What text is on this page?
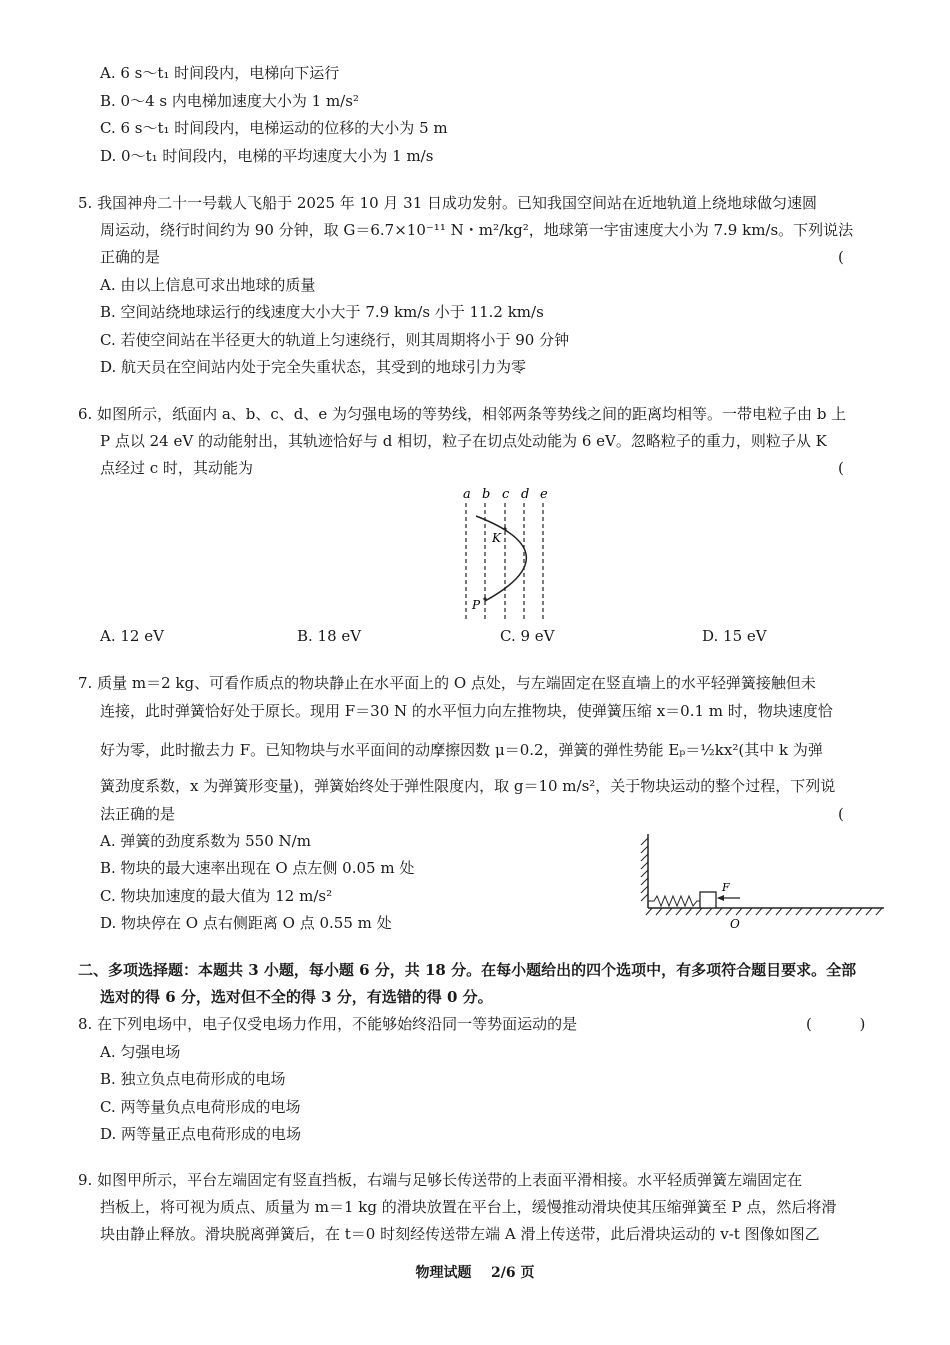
A. 6 s～t₁ 时间段内，电梯向下运行
B. 0～4 s 内电梯加速度大小为 1 m/s²
C. 6 s～t₁ 时间段内，电梯运动的位移的大小为 5 m
D. 0～t₁ 时间段内，电梯的平均速度大小为 1 m/s
5. 我国神舟二十一号载人飞船于 2025 年 10 月 31 日成功发射。已知我国空间站在近地轨道上绕地球做匀速圆
周运动，绕行时间约为 90 分钟，取 G＝6.7×10⁻¹¹ N・m²/kg²，地球第一宇宙速度大小为 7.9 km/s。下列说法
正确的是	(
A. 由以上信息可求出地球的质量
B. 空间站绕地球运行的线速度大小大于 7.9 km/s 小于 11.2 km/s
C. 若使空间站在半径更大的轨道上匀速绕行，则其周期将小于 90 分钟
D. 航天员在空间站内处于完全失重状态，其受到的地球引力为零
6. 如图所示，纸面内 a、b、c、d、e 为匀强电场的等势线，相邻两条等势线之间的距离均相等。一带电粒子由 b 上
P 点以 24 eV 的动能射出，其轨迹恰好与 d 相切，粒子在切点处动能为 6 eV。忽略粒子的重力，则粒子从 K
点经过 c 时，其动能为	(
a b c d e
K
P
A. 12 eV	B. 18 eV	C. 9 eV	D. 15 eV
7. 质量 m＝2 kg、可看作质点的物块静止在水平面上的 O 点处，与左端固定在竖直墙上的水平轻弹簧接触但未
连接，此时弹簧恰好处于原长。现用 F＝30 N 的水平恒力向左推物块，使弹簧压缩 x＝0.1 m 时，物块速度恰
好为零，此时撤去力 F。已知物块与水平面间的动摩擦因数 μ＝0.2，弹簧的弹性势能 Eₚ＝½kx²(其中 k 为弹
簧劲度系数，x 为弹簧形变量)，弹簧始终处于弹性限度内，取 g＝10 m/s²，关于物块运动的整个过程，下列说
法正确的是	(
A. 弹簧的劲度系数为 550 N/m
B. 物块的最大速率出现在 O 点左侧 0.05 m 处
C. 物块加速度的最大值为 12 m/s²
D. 物块停在 O 点右侧距离 O 点 0.55 m 处
F
O
二、多项选择题：本题共 3 小题，每小题 6 分，共 18 分。在每小题给出的四个选项中，有多项符合题目要求。全部
选对的得 6 分，选对但不全的得 3 分，有选错的得 0 分。
8. 在下列电场中，电子仅受电场力作用，不能够始终沿同一等势面运动的是	(          )
A. 匀强电场
B. 独立负点电荷形成的电场
C. 两等量负点电荷形成的电场
D. 两等量正点电荷形成的电场
9. 如图甲所示，平台左端固定有竖直挡板，右端与足够长传送带的上表面平滑相接。水平轻质弹簧左端固定在
挡板上，将可视为质点、质量为 m＝1 kg 的滑块放置在平台上，缓慢推动滑块使其压缩弹簧至 P 点，然后将滑
块由静止释放。滑块脱离弹簧后，在 t＝0 时刻经传送带左端 A 滑上传送带，此后滑块运动的 v-t 图像如图乙
物理试题    2/6 页
